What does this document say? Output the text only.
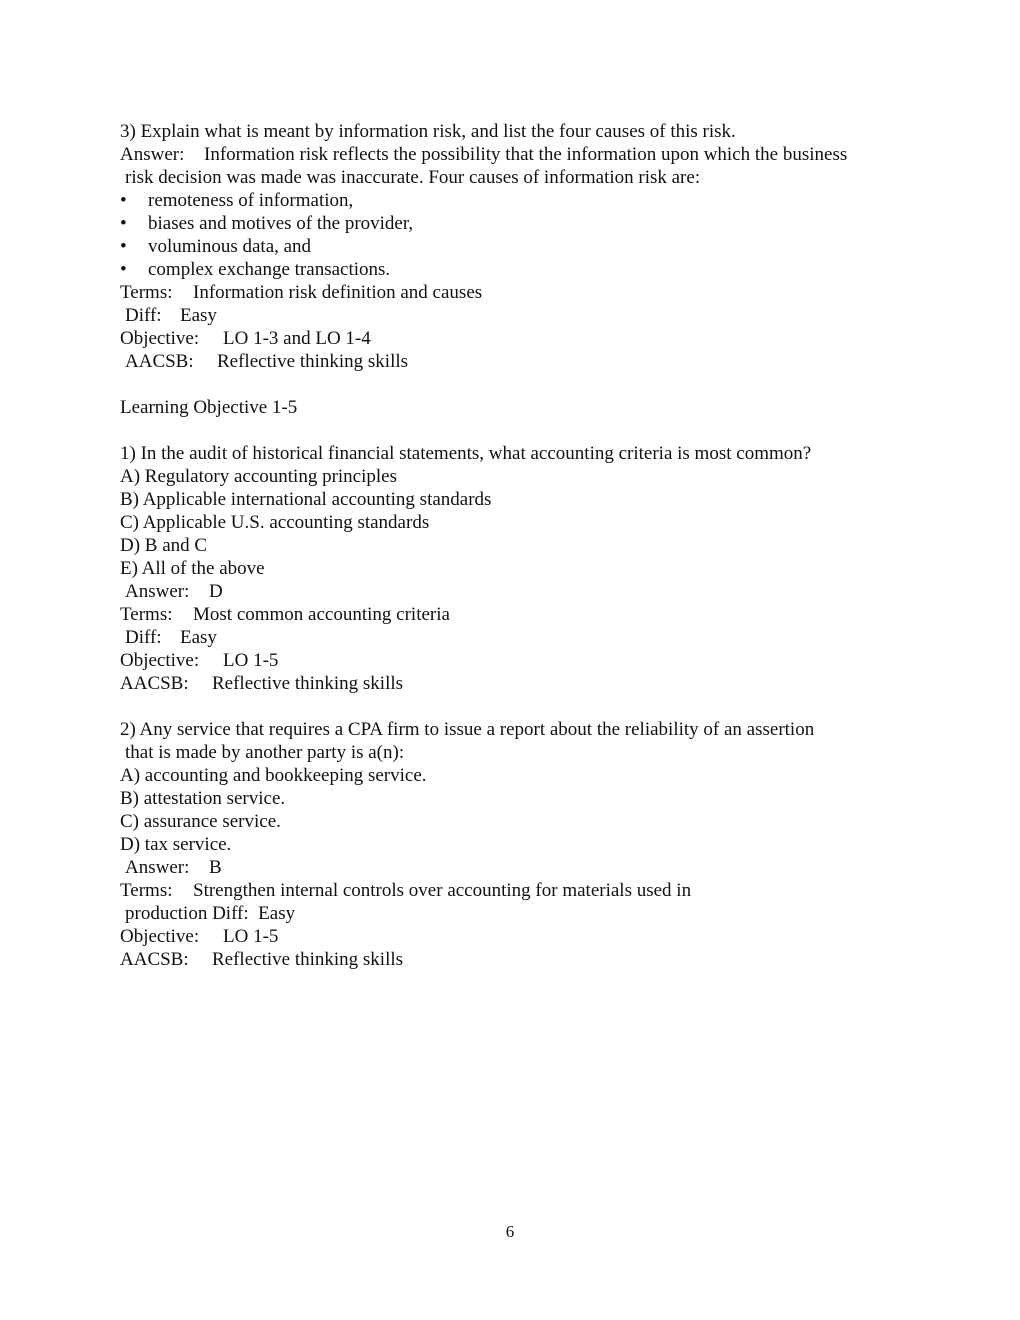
3) Explain what is meant by information risk, and list the four causes of this risk.
Answer: Information risk reflects the possibility that the information upon which the business
risk decision was made was inaccurate. Four causes of information risk are:
•	remoteness of information,
•	biases and motives of the provider,
•	voluminous data, and
•	complex exchange transactions.
Terms: Information risk definition and causes
Diff: Easy
Objective: LO 1-3 and LO 1-4
AACSB: Reflective thinking skills
Learning Objective 1-5
1) In the audit of historical financial statements, what accounting criteria is most common?
A) Regulatory accounting principles
B) Applicable international accounting standards
C) Applicable U.S. accounting standards
D) B and C
E) All of the above
Answer: D
Terms: Most common accounting criteria
Diff: Easy
Objective: LO 1-5
AACSB: Reflective thinking skills
2) Any service that requires a CPA firm to issue a report about the reliability of an assertion
that is made by another party is a(n):
A) accounting and bookkeeping service.
B) attestation service.
C) assurance service.
D) tax service.
Answer: B
Terms: Strengthen internal controls over accounting for materials used in
production Diff:  Easy
Objective: LO 1-5
AACSB: Reflective thinking skills
6
